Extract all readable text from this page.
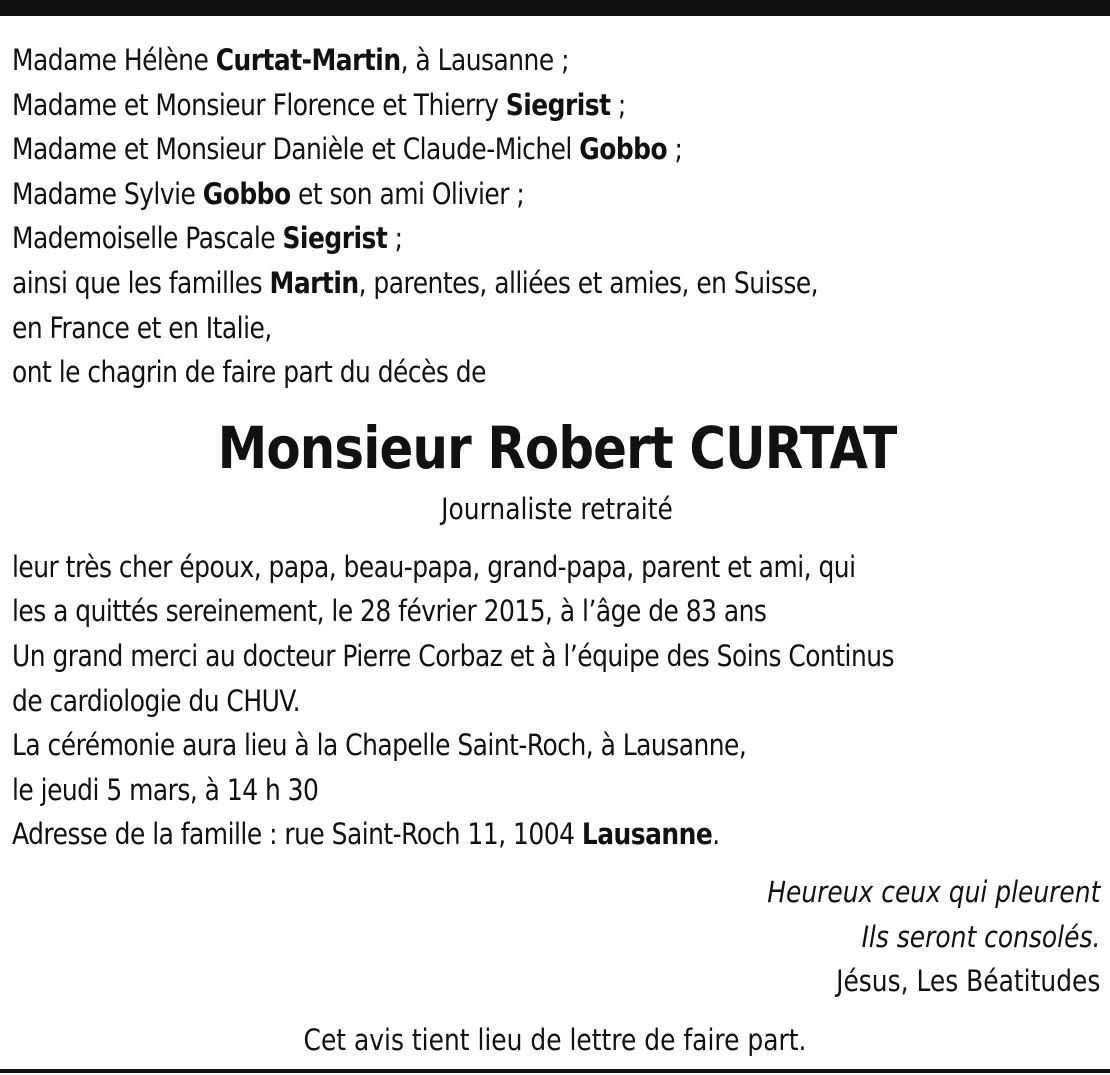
Madame Hélène Curtat-Martin, à Lausanne ;
Madame et Monsieur Florence et Thierry Siegrist ;
Madame et Monsieur Danièle et Claude-Michel Gobbo ;
Madame Sylvie Gobbo et son ami Olivier ;
Mademoiselle Pascale Siegrist ;
ainsi que les familles Martin, parentes, alliées et amies, en Suisse,
en France et en Italie,
ont le chagrin de faire part du décès de
Monsieur Robert CURTAT
Journaliste retraité
leur très cher époux, papa, beau-papa, grand-papa, parent et ami, qui
les a quittés sereinement, le 28 février 2015, à l’âge de 83 ans
Un grand merci au docteur Pierre Corbaz et à l’équipe des Soins Continus
de cardiologie du CHUV.
La cérémonie aura lieu à la Chapelle Saint-Roch, à Lausanne,
le jeudi 5 mars, à 14 h 30
Adresse de la famille : rue Saint-Roch 11, 1004 Lausanne.
Heureux ceux qui pleurent
Ils seront consolés.
Jésus, Les Béatitudes
Cet avis tient lieu de lettre de faire part.
